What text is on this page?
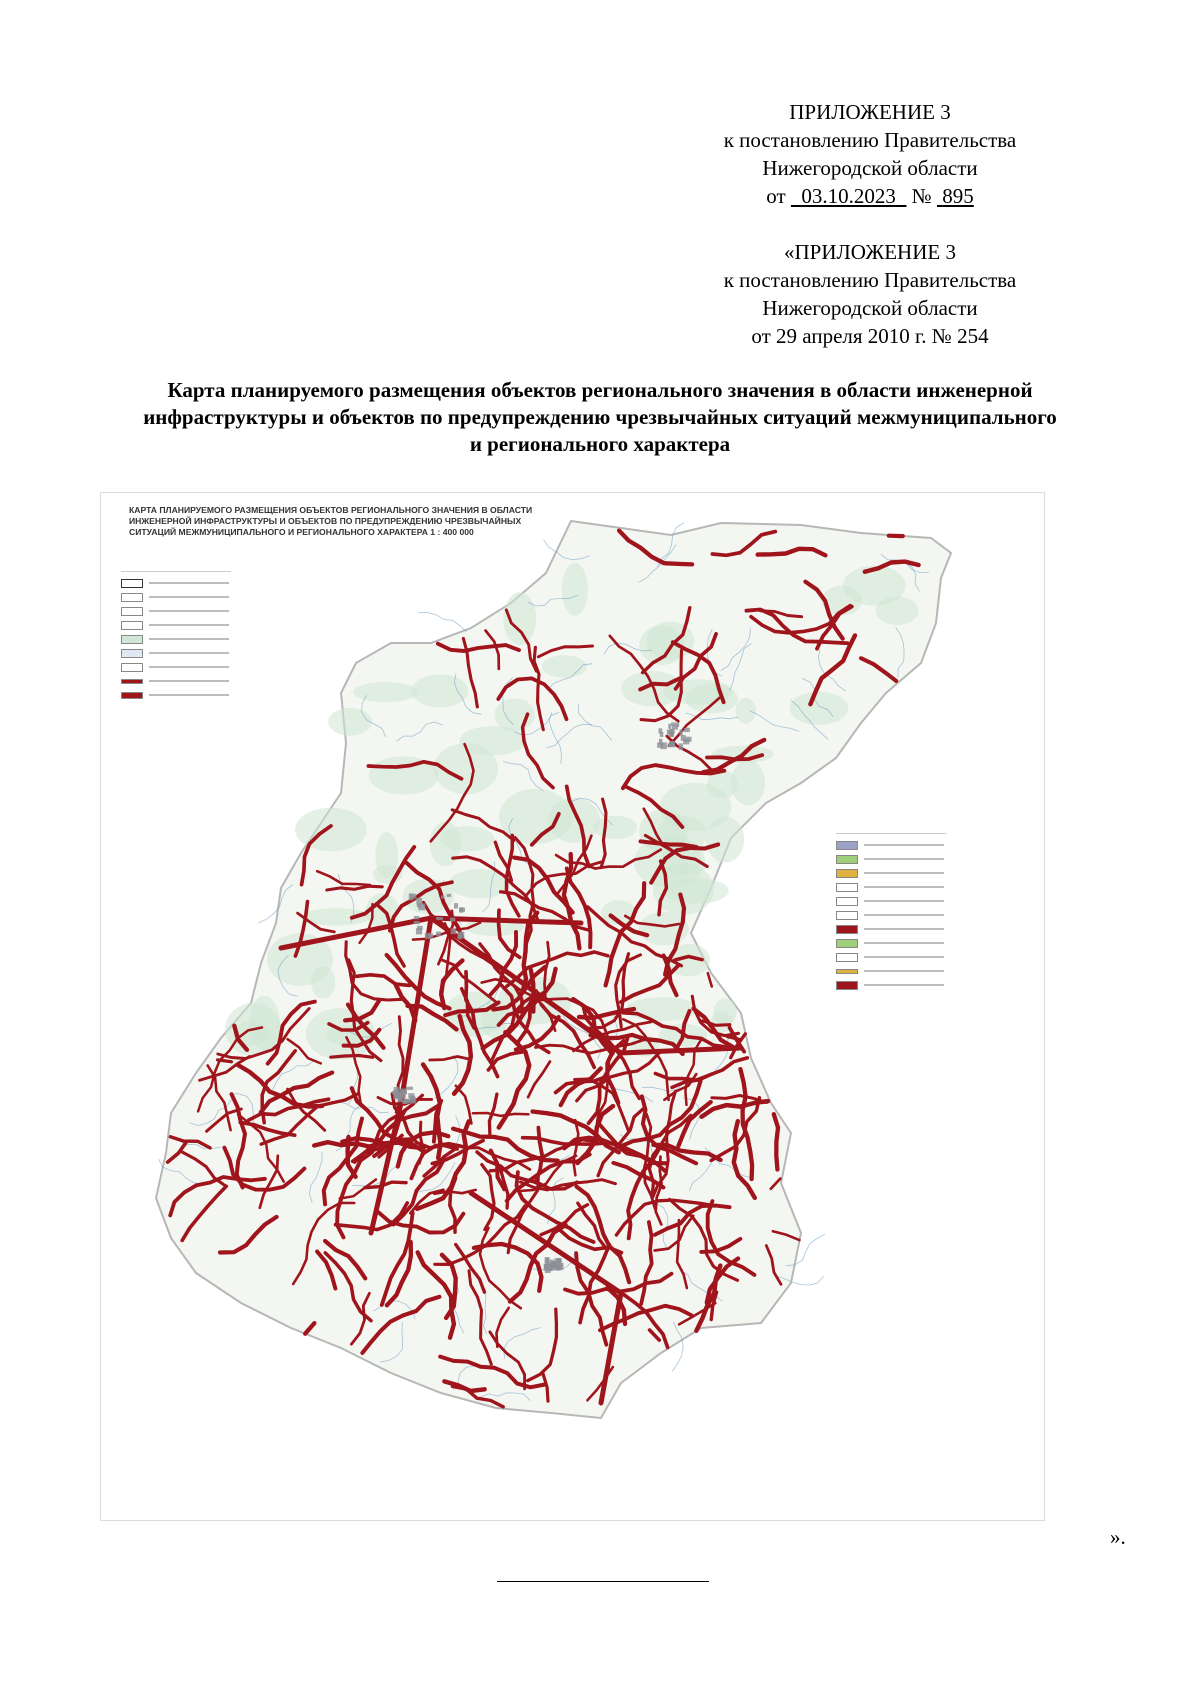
ПРИЛОЖЕНИЕ 3
к постановлению Правительства
Нижегородской области
от 03.10.2023 № 895
«ПРИЛОЖЕНИЕ 3
к постановлению Правительства
Нижегородской области
от 29 апреля 2010 г. № 254
Карта планируемого размещения объектов регионального значения в области инженерной
инфраструктуры и объектов по предупреждению чрезвычайных ситуаций межмуниципального
и регионального характера
КАРТА ПЛАНИРУЕМОГО РАЗМЕЩЕНИЯ ОБЪЕКТОВ РЕГИОНАЛЬНОГО ЗНАЧЕНИЯ В ОБЛАСТИ
ИНЖЕНЕРНОЙ ИНФРАСТРУКТУРЫ И ОБЪЕКТОВ ПО ПРЕДУПРЕЖДЕНИЮ ЧРЕЗВЫЧАЙНЫХ
СИТУАЦИЙ МЕЖМУНИЦИПАЛЬНОГО И РЕГИОНАЛЬНОГО ХАРАКТЕРА 1 : 400 000
».
